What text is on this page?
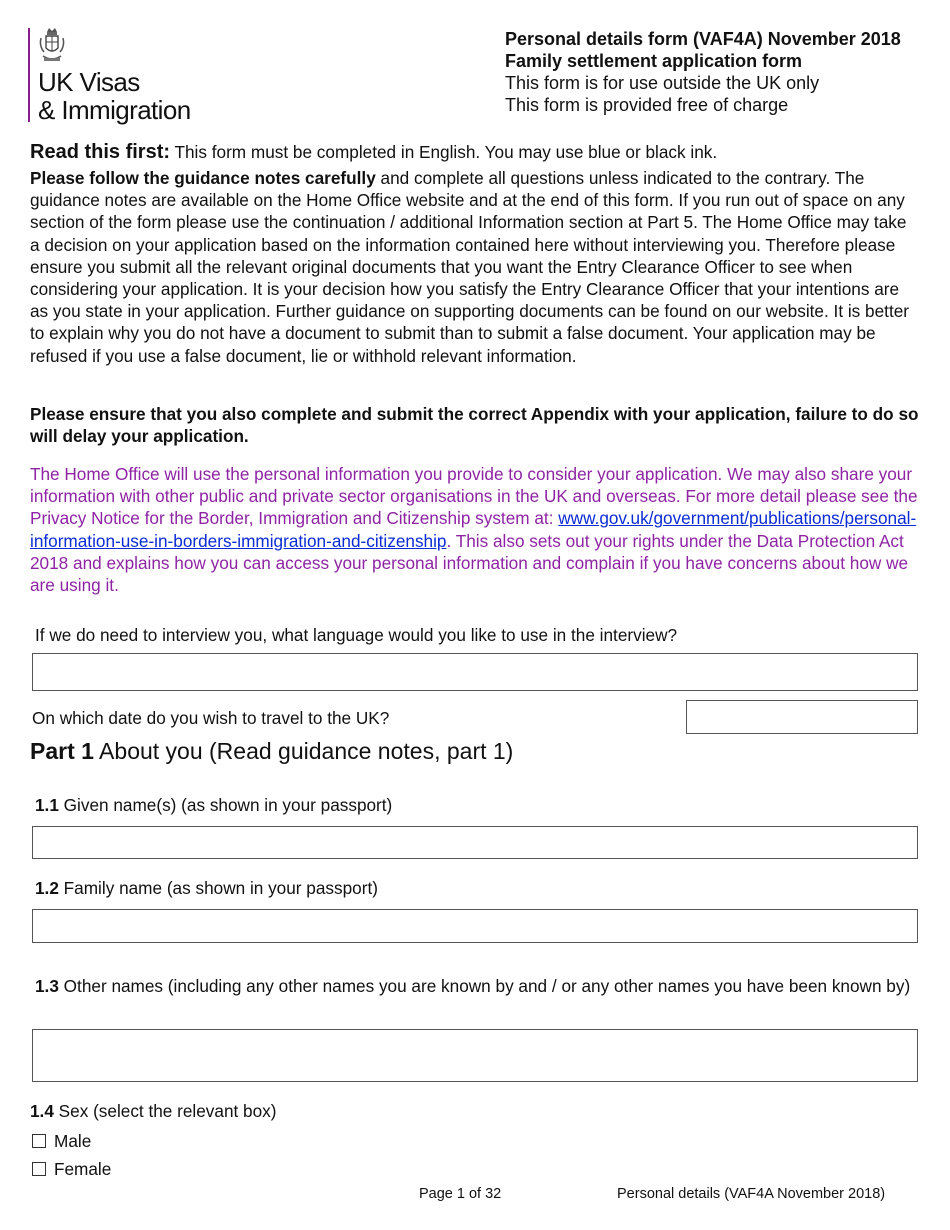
UK Visas
& Immigration
Personal details form (VAF4A) November 2018
Family settlement application form
This form is for use outside the UK only
This form is provided free of charge
Read this first: This form must be completed in English. You may use blue or black ink.
Please follow the guidance notes carefully and complete all questions unless indicated to the contrary. The guidance notes are available on the Home Office website and at the end of this form. If you run out of space on any section of the form please use the continuation / additional Information section at Part 5. The Home Office may take a decision on your application based on the information contained here without interviewing you. Therefore please ensure you submit all the relevant original documents that you want the Entry Clearance Officer to see when considering your application. It is your decision how you satisfy the Entry Clearance Officer that your intentions are as you state in your application. Further guidance on supporting documents can be found on our website. It is better to explain why you do not have a document to submit than to submit a false document. Your application may be refused if you use a false document, lie or withhold relevant information.
Please ensure that you also complete and submit the correct Appendix with your application, failure to do so will delay your application.
The Home Office will use the personal information you provide to consider your application. We may also share your information with other public and private sector organisations in the UK and overseas. For more detail please see the Privacy Notice for the Border, Immigration and Citizenship system at: www.gov.uk/government/publications/personal-information-use-in-borders-immigration-and-citizenship. This also sets out your rights under the Data Protection Act 2018 and explains how you can access your personal information and complain if you have concerns about how we are using it.
If we do need to interview you, what language would you like to use in the interview?
On which date do you wish to travel to the UK?
Part 1 About you (Read guidance notes, part 1)
1.1 Given name(s) (as shown in your passport)
1.2 Family name (as shown in your passport)
1.3 Other names (including any other names you are known by and / or any other names you have been known by)
1.4 Sex (select the relevant box)
Male
Female
Page 1 of 32	Personal details (VAF4A November 2018)
